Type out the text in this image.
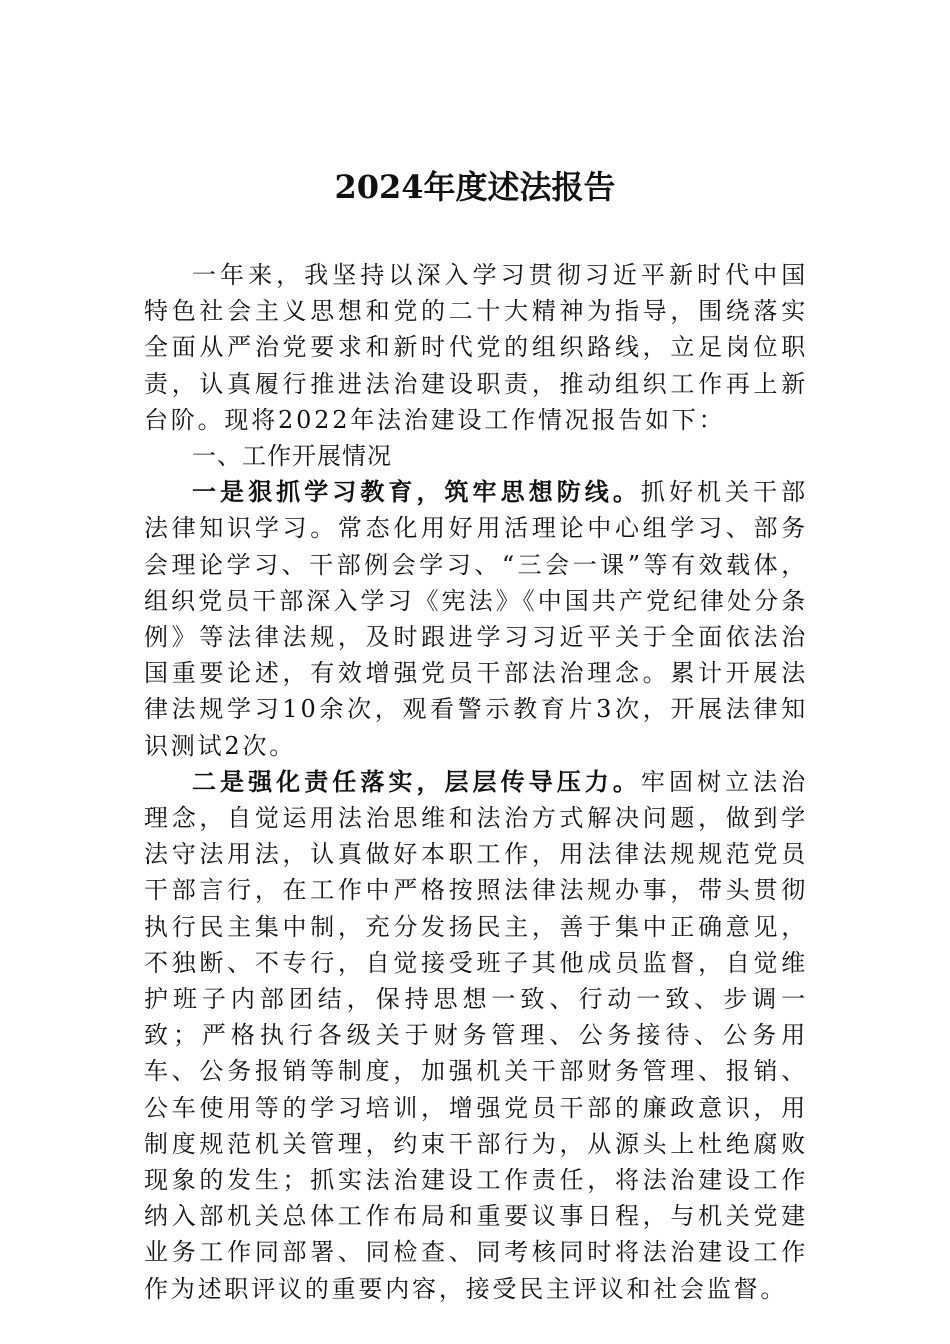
2024年度述法报告

一年来，我坚持以深入学习贯彻习近平新时代中国特色社会主义思想和党的二十大精神为指导，围绕落实全面从严治党要求和新时代党的组织路线，立足岗位职责，认真履行推进法治建设职责，推动组织工作再上新台阶。现将2022年法治建设工作情况报告如下：

一、工作开展情况

一是狠抓学习教育，筑牢思想防线。抓好机关干部法律知识学习。常态化用好用活理论中心组学习、部务会理论学习、干部例会学习、“三会一课”等有效载体，组织党员干部深入学习《宪法》《中国共产党纪律处分条例》等法律法规，及时跟进学习习近平关于全面依法治国重要论述，有效增强党员干部法治理念。累计开展法律法规学习10余次，观看警示教育片3次，开展法律知识测试2次。

二是强化责任落实，层层传导压力。牢固树立法治理念，自觉运用法治思维和法治方式解决问题，做到学法守法用法，认真做好本职工作，用法律法规规范党员干部言行，在工作中严格按照法律法规办事，带头贯彻执行民主集中制，充分发扬民主，善于集中正确意见，不独断、不专行，自觉接受班子其他成员监督，自觉维护班子内部团结，保持思想一致、行动一致、步调一致；严格执行各级关于财务管理、公务接待、公务用车、公务报销等制度，加强机关干部财务管理、报销、公车使用等的学习培训，增强党员干部的廉政意识，用制度规范机关管理，约束干部行为，从源头上杜绝腐败现象的发生；抓实法治建设工作责任，将法治建设工作纳入部机关总体工作布局和重要议事日程，与机关党建业务工作同部署、同检查、同考核同时将法治建设工作作为述职评议的重要内容，接受民主评议和社会监督。
